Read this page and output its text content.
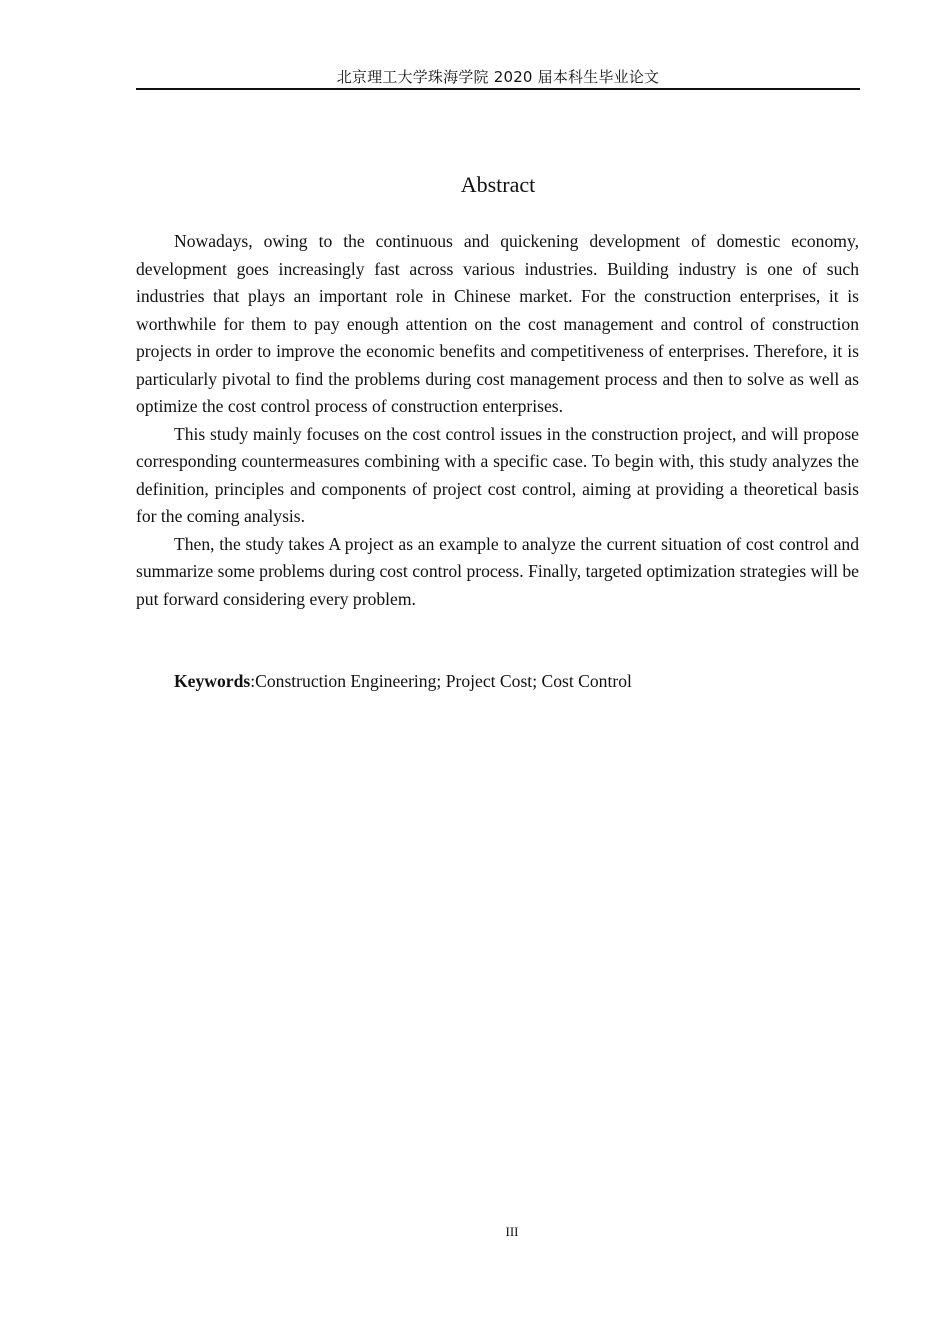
北京理工大学珠海学院 2020 届本科生毕业论文
Abstract

Nowadays, owing to the continuous and quickening development of domestic economy, development goes increasingly fast across various industries. Building industry is one of such industries that plays an important role in Chinese market. For the construction enterprises, it is worthwhile for them to pay enough attention on the cost management and control of construction projects in order to improve the economic benefits and competitiveness of enterprises. Therefore, it is particularly pivotal to find the problems during cost management process and then to solve as well as optimize the cost control process of construction enterprises.

This study mainly focuses on the cost control issues in the construction project, and will propose corresponding countermeasures combining with a specific case. To begin with, this study analyzes the definition, principles and components of project cost control, aiming at providing a theoretical basis for the coming analysis.

Then, the study takes A project as an example to analyze the current situation of cost control and summarize some problems during cost control process. Finally, targeted optimization strategies will be put forward considering every problem.

Keywords:Construction Engineering; Project Cost; Cost Control
III
